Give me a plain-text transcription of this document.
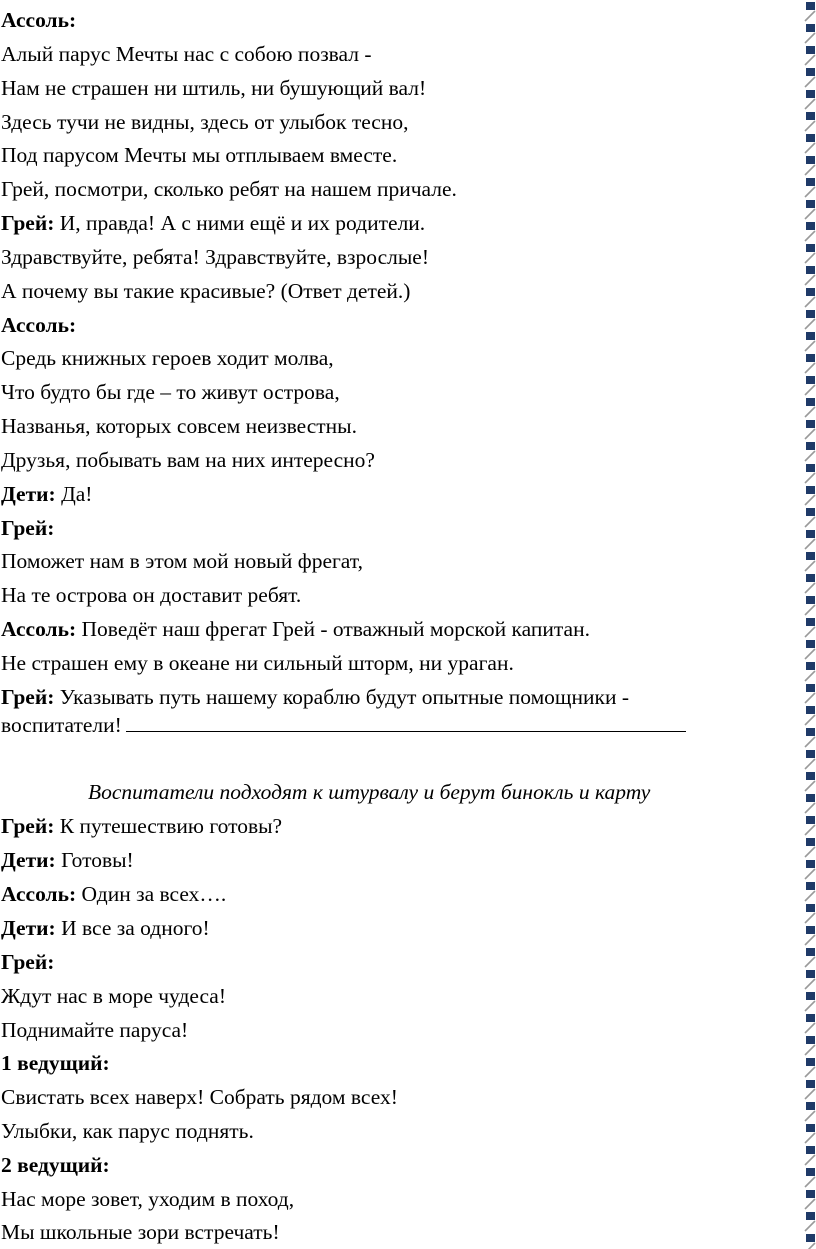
Ассоль:
Алый парус Мечты нас с собою позвал -
Нам не страшен ни штиль, ни бушующий вал!
Здесь тучи не видны, здесь от улыбок тесно,
Под парусом Мечты мы отплываем вместе.
Грей, посмотри, сколько ребят на нашем причале.
Грей: И, правда! А с ними ещё и их родители.
Здравствуйте, ребята! Здравствуйте, взрослые!
А почему вы такие красивые? (Ответ детей.)
Ассоль:
Средь книжных героев ходит молва,
Что будто бы где – то живут острова,
Названья, которых совсем неизвестны.
Друзья, побывать вам на них интересно?
Дети: Да!
Грей:
Поможет нам в этом мой новый фрегат,
На те острова он доставит ребят.
Ассоль: Поведёт наш фрегат Грей - отважный морской капитан.
Не страшен ему в океане ни сильный шторм, ни ураган.
Грей: Указывать путь нашему кораблю будут опытные помощники -
воспитатели!
Воспитатели подходят к штурвалу и берут бинокль и карту
Грей: К путешествию готовы?
Дети: Готовы!
Ассоль: Один за всех….
Дети: И все за одного!
Грей:
Ждут нас в море чудеса!
Поднимайте паруса!
1 ведущий:
Свистать всех наверх! Собрать рядом всех!
Улыбки, как парус поднять.
2 ведущий:
Нас море зовет, уходим в поход,
Мы школьные зори встречать!
